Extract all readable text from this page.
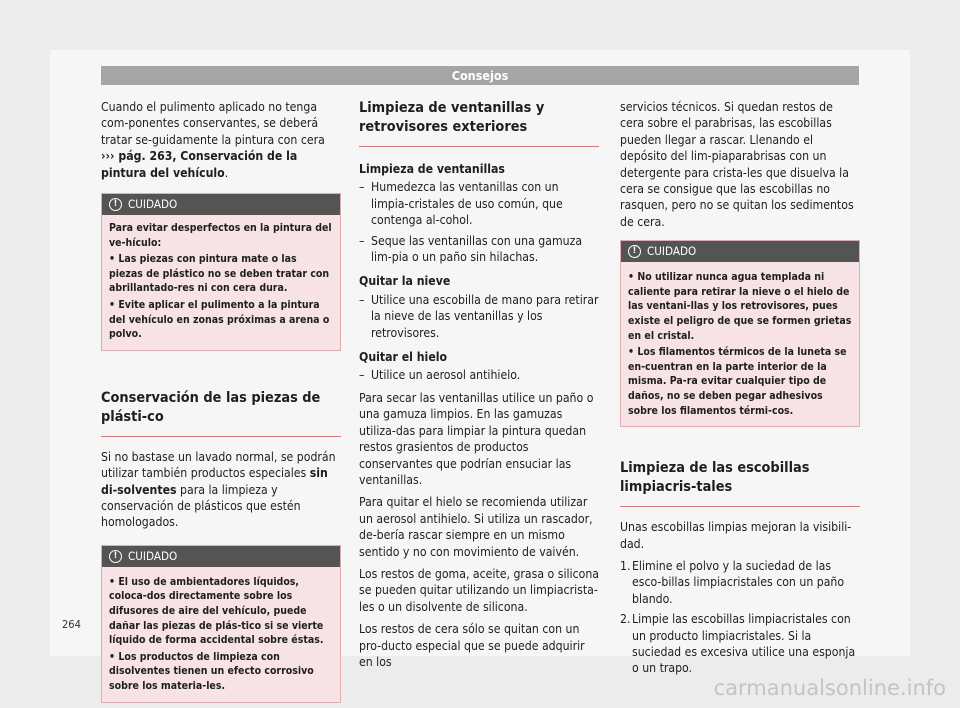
Consejos

Cuando el pulimento aplicado no tenga com-ponentes conservantes, se deberá tratar se-guidamente la pintura con cera ››› pág. 263, Conservación de la pintura del vehículo.

! CUIDADO
Para evitar desperfectos en la pintura del ve-hículo:
• Las piezas con pintura mate o las piezas de plástico no se deben tratar con abrillantado-res ni con cera dura.
• Evite aplicar el pulimento a la pintura del vehículo en zonas próximas a arena o polvo.
Conservación de las piezas de plásti-co

Si no bastase un lavado normal, se podrán utilizar también productos especiales sin di-solventes para la limpieza y conservación de plásticos que estén homologados.

! CUIDADO
• El uso de ambientadores líquidos, coloca-dos directamente sobre los difusores de aire del vehículo, puede dañar las piezas de plás-tico si se vierte líquido de forma accidental sobre éstas.
• Los productos de limpieza con disolventes tienen un efecto corrosivo sobre los materia-les.
Limpieza de ventanillas y retrovisores exteriores
Limpieza de ventanillas
– Humedezca las ventanillas con un limpia-cristales de uso común, que contenga al-cohol.
– Seque las ventanillas con una gamuza lim-pia o un paño sin hilachas.
Quitar la nieve
– Utilice una escobilla de mano para retirar la nieve de las ventanillas y los retrovisores.
Quitar el hielo
– Utilice un aerosol antihielo.

Para secar las ventanillas utilice un paño o una gamuza limpios. En las gamuzas utiliza-das para limpiar la pintura quedan restos grasientos de productos conservantes que podrían ensuciar las ventanillas.

Para quitar el hielo se recomienda utilizar un aerosol antihielo. Si utiliza un rascador, de-bería rascar siempre en un mismo sentido y no con movimiento de vaivén.

Los restos de goma, aceite, grasa o silicona se pueden quitar utilizando un limpiacrista-les o un disolvente de silicona.

Los restos de cera sólo se quitan con un pro-ducto especial que se puede adquirir en los

servicios técnicos. Si quedan restos de cera sobre el parabrisas, las escobillas pueden llegar a rascar. Llenando el depósito del lim-piaparabrisas con un detergente para crista-les que disuelva la cera se consigue que las escobillas no rasquen, pero no se quitan los sedimentos de cera.

! CUIDADO
• No utilizar nunca agua templada ni caliente para retirar la nieve o el hielo de las ventani-llas y los retrovisores, pues existe el peligro de que se formen grietas en el cristal.
• Los filamentos térmicos de la luneta se en-cuentran en la parte interior de la misma. Pa-ra evitar cualquier tipo de daños, no se deben pegar adhesivos sobre los filamentos térmi-cos.
Limpieza de las escobillas limpiacris-tales

Unas escobillas limpias mejoran la visibili-dad.

1. Elimine el polvo y la suciedad de las esco-billas limpiacristales con un paño blando.
2. Limpie las escobillas limpiacristales con un producto limpiacristales. Si la suciedad es excesiva utilice una esponja o un trapo.
264
carmanualsonline.info
